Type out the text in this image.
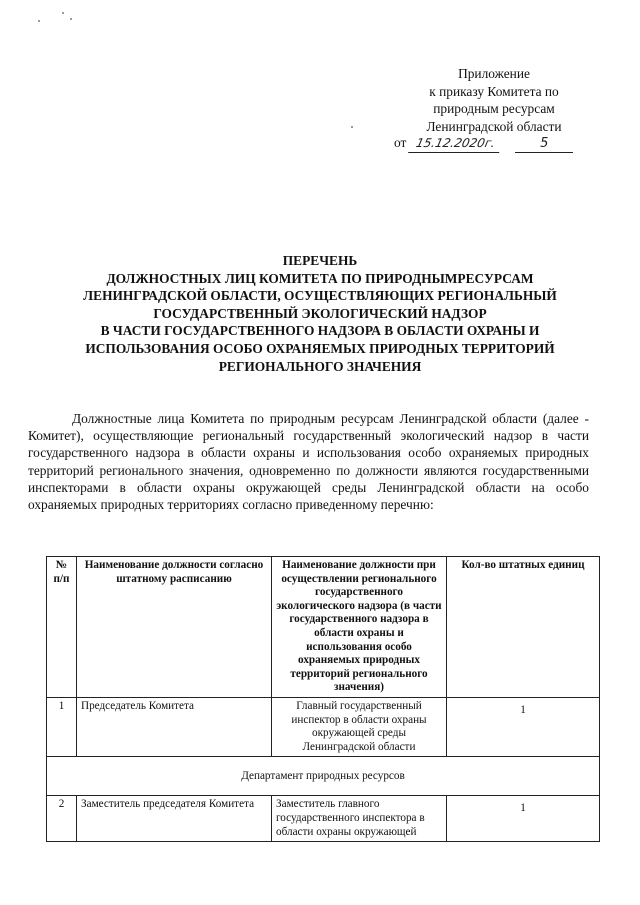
Приложение
к приказу Комитета по
природным ресурсам
Ленинградской области
от 15.12.2020г.	5
ПЕРЕЧЕНЬ
ДОЛЖНОСТНЫХ ЛИЦ КОМИТЕТА ПО ПРИРОДНЫМРЕСУРСАМ
ЛЕНИНГРАДСКОЙ ОБЛАСТИ, ОСУЩЕСТВЛЯЮЩИХ РЕГИОНАЛЬНЫЙ
ГОСУДАРСТВЕННЫЙ ЭКОЛОГИЧЕСКИЙ НАДЗОР
В ЧАСТИ ГОСУДАРСТВЕННОГО НАДЗОРА В ОБЛАСТИ ОХРАНЫ И
ИСПОЛЬЗОВАНИЯ ОСОБО ОХРАНЯЕМЫХ ПРИРОДНЫХ ТЕРРИТОРИЙ
РЕГИОНАЛЬНОГО ЗНАЧЕНИЯ
Должностные лица Комитета по природным ресурсам Ленинградской области (далее - Комитет), осуществляющие региональный государственный экологический надзор в части государственного надзора в области охраны и использования особо охраняемых природных территорий регионального значения, одновременно по должности являются государственными инспекторами в области охраны окружающей среды Ленинградской области на особо охраняемых природных территориях согласно приведенному перечню:
№ п/п	Наименование должности согласно штатному расписанию	Наименование должности при осуществлении регионального государственного экологического надзора (в части государственного надзора в области охраны и использования особо охраняемых природных территорий регионального значения)	Кол-во штатных единиц
1	Председатель Комитета	Главный государственный инспектор в области охраны окружающей среды Ленинградской области	1
Департамент природных ресурсов			
2	Заместитель председателя Комитета	Заместитель главного государственного инспектора в области охраны окружающей	1
